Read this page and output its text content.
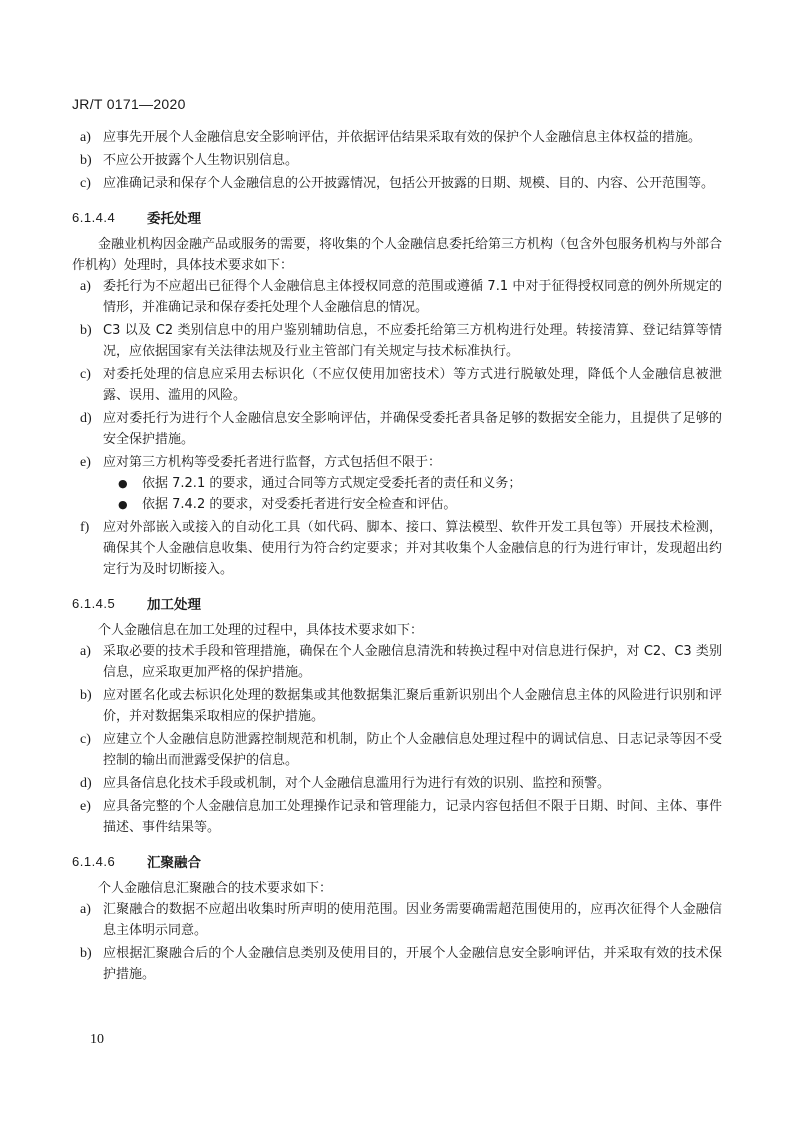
JR/T 0171—2020
a) 应事先开展个人金融信息安全影响评估，并依据评估结果采取有效的保护个人金融信息主体权益的措施。
b) 不应公开披露个人生物识别信息。
c) 应准确记录和保存个人金融信息的公开披露情况，包括公开披露的日期、规模、目的、内容、公开范围等。
6.1.4.4	委托处理
金融业机构因金融产品或服务的需要，将收集的个人金融信息委托给第三方机构（包含外包服务机构与外部合作机构）处理时，具体技术要求如下：
a) 委托行为不应超出已征得个人金融信息主体授权同意的范围或遵循 7.1 中对于征得授权同意的例外所规定的情形，并准确记录和保存委托处理个人金融信息的情况。
b) C3 以及 C2 类别信息中的用户鉴别辅助信息，不应委托给第三方机构进行处理。转接清算、登记结算等情况，应依据国家有关法律法规及行业主管部门有关规定与技术标准执行。
c) 对委托处理的信息应采用去标识化（不应仅使用加密技术）等方式进行脱敏处理，降低个人金融信息被泄露、误用、滥用的风险。
d) 应对委托行为进行个人金融信息安全影响评估，并确保受委托者具备足够的数据安全能力，且提供了足够的安全保护措施。
e) 应对第三方机构等受委托者进行监督，方式包括但不限于：
●	依据 7.2.1 的要求，通过合同等方式规定受委托者的责任和义务；
●	依据 7.4.2 的要求，对受委托者进行安全检查和评估。
f)	应对外部嵌入或接入的自动化工具（如代码、脚本、接口、算法模型、软件开发工具包等）开展技术检测，确保其个人金融信息收集、使用行为符合约定要求；并对其收集个人金融信息的行为进行审计，发现超出约定行为及时切断接入。
6.1.4.5	加工处理
个人金融信息在加工处理的过程中，具体技术要求如下：
a) 采取必要的技术手段和管理措施，确保在个人金融信息清洗和转换过程中对信息进行保护，对 C2、C3 类别信息，应采取更加严格的保护措施。
b) 应对匿名化或去标识化处理的数据集或其他数据集汇聚后重新识别出个人金融信息主体的风险进行识别和评价，并对数据集采取相应的保护措施。
c) 应建立个人金融信息防泄露控制规范和机制，防止个人金融信息处理过程中的调试信息、日志记录等因不受控制的输出而泄露受保护的信息。
d) 应具备信息化技术手段或机制，对个人金融信息滥用行为进行有效的识别、监控和预警。
e) 应具备完整的个人金融信息加工处理操作记录和管理能力，记录内容包括但不限于日期、时间、主体、事件描述、事件结果等。
6.1.4.6	汇聚融合
个人金融信息汇聚融合的技术要求如下：
a) 汇聚融合的数据不应超出收集时所声明的使用范围。因业务需要确需超范围使用的，应再次征得个人金融信息主体明示同意。
b) 应根据汇聚融合后的个人金融信息类别及使用目的，开展个人金融信息安全影响评估，并采取有效的技术保护措施。
10
